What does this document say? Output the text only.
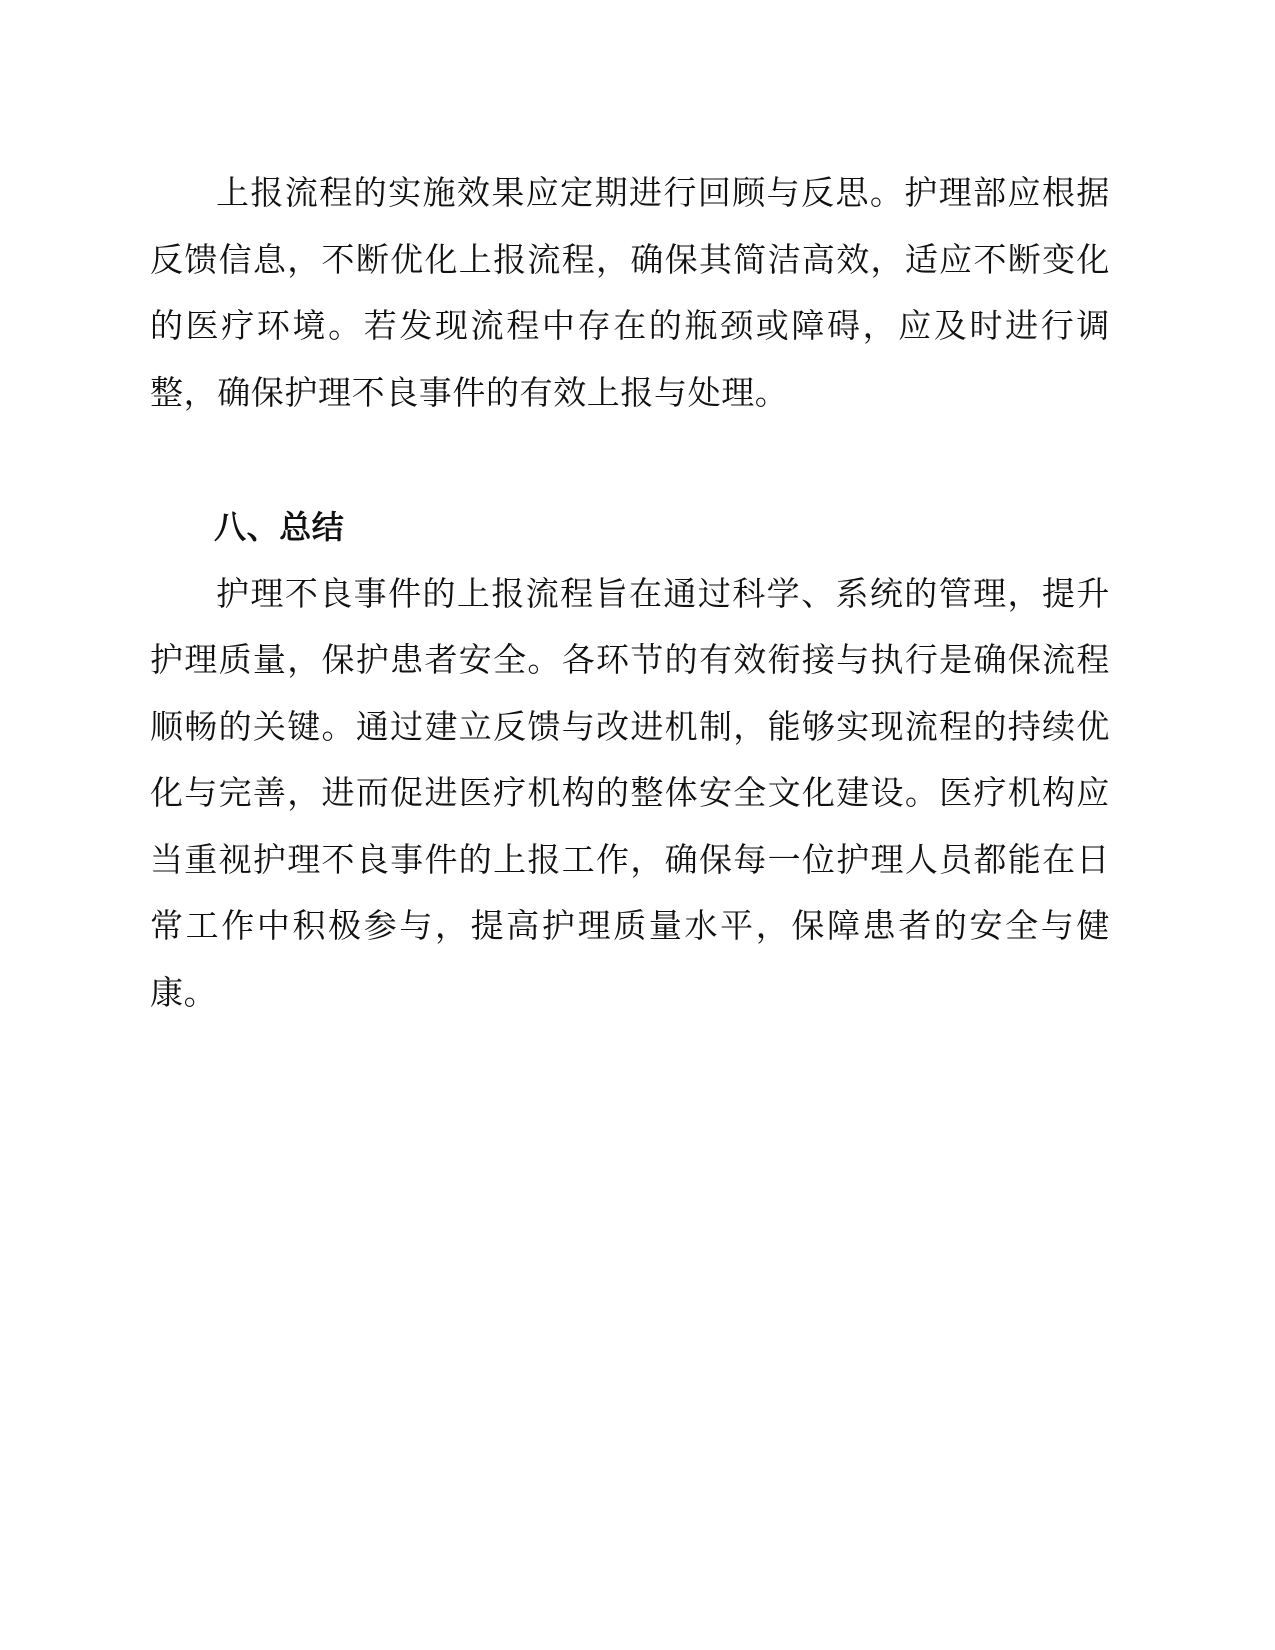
上报流程的实施效果应定期进行回顾与反思。护理部应根据反馈信息，不断优化上报流程，确保其简洁高效，适应不断变化的医疗环境。若发现流程中存在的瓶颈或障碍，应及时进行调整，确保护理不良事件的有效上报与处理。

八、总结

护理不良事件的上报流程旨在通过科学、系统的管理，提升护理质量，保护患者安全。各环节的有效衔接与执行是确保流程顺畅的关键。通过建立反馈与改进机制，能够实现流程的持续优化与完善，进而促进医疗机构的整体安全文化建设。医疗机构应当重视护理不良事件的上报工作，确保每一位护理人员都能在日常工作中积极参与，提高护理质量水平，保障患者的安全与健康。
